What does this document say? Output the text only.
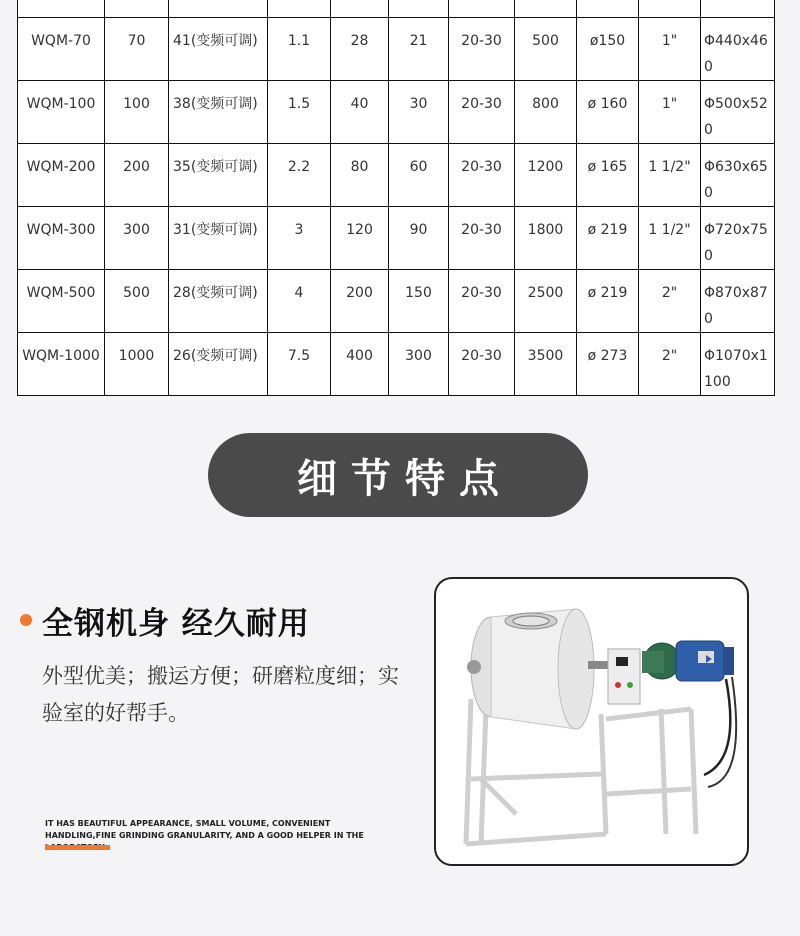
WQM-70	70	41(变频可调)	1.1	28	21	20-30	500	ø150	1"	Φ440x460
WQM-100	100	38(变频可调)	1.5	40	30	20-30	800	ø 160	1"	Φ500x520
WQM-200	200	35(变频可调)	2.2	80	60	20-30	1200	ø 165	1 1/2"	Φ630x650
WQM-300	300	31(变频可调)	3	120	90	20-30	1800	ø 219	1 1/2"	Φ720x750
WQM-500	500	28(变频可调)	4	200	150	20-30	2500	ø 219	2"	Φ870x870
WQM-1000	1000	26(变频可调)	7.5	400	300	20-30	3500	ø 273	2"	Φ1070x1100
细节特点
全钢机身 经久耐用
外型优美；搬运方便；研磨粒度细；实验室的好帮手。
IT HAS BEAUTIFUL APPEARANCE, SMALL VOLUME, CONVENIENT HANDLING,FINE GRINDING GRANULARITY, AND A GOOD HELPER IN THE
